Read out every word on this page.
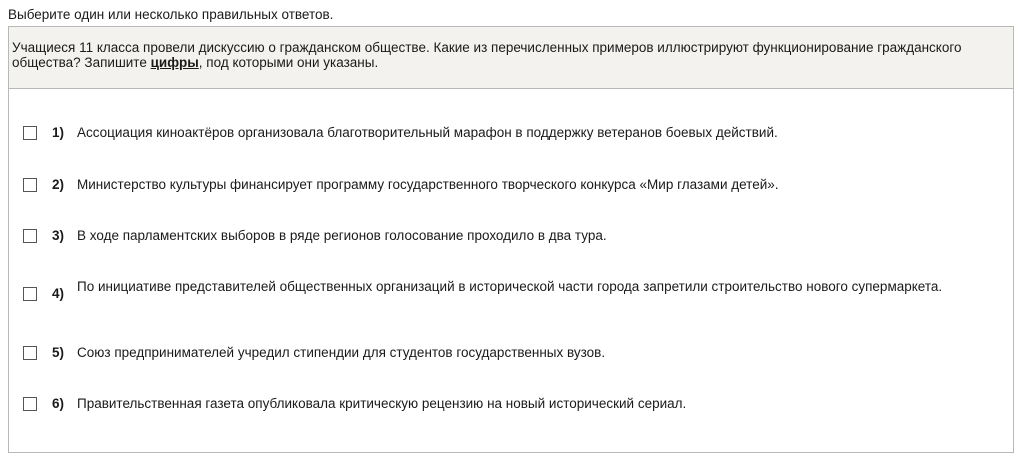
Выберите один или несколько правильных ответов.
Учащиеся 11 класса провели дискуссию о гражданском обществе. Какие из перечисленных примеров иллюстрируют функционирование гражданского общества? Запишите цифры, под которыми они указаны.
1) Ассоциация киноактёров организовала благотворительный марафон в поддержку ветеранов боевых действий.
2) Министерство культуры финансирует программу государственного творческого конкурса «Мир глазами детей».
3) В ходе парламентских выборов в ряде регионов голосование проходило в два тура.
4) По инициативе представителей общественных организаций в исторической части города запретили строительство нового супермаркета.
5) Союз предпринимателей учредил стипендии для студентов государственных вузов.
6) Правительственная газета опубликовала критическую рецензию на новый исторический сериал.
